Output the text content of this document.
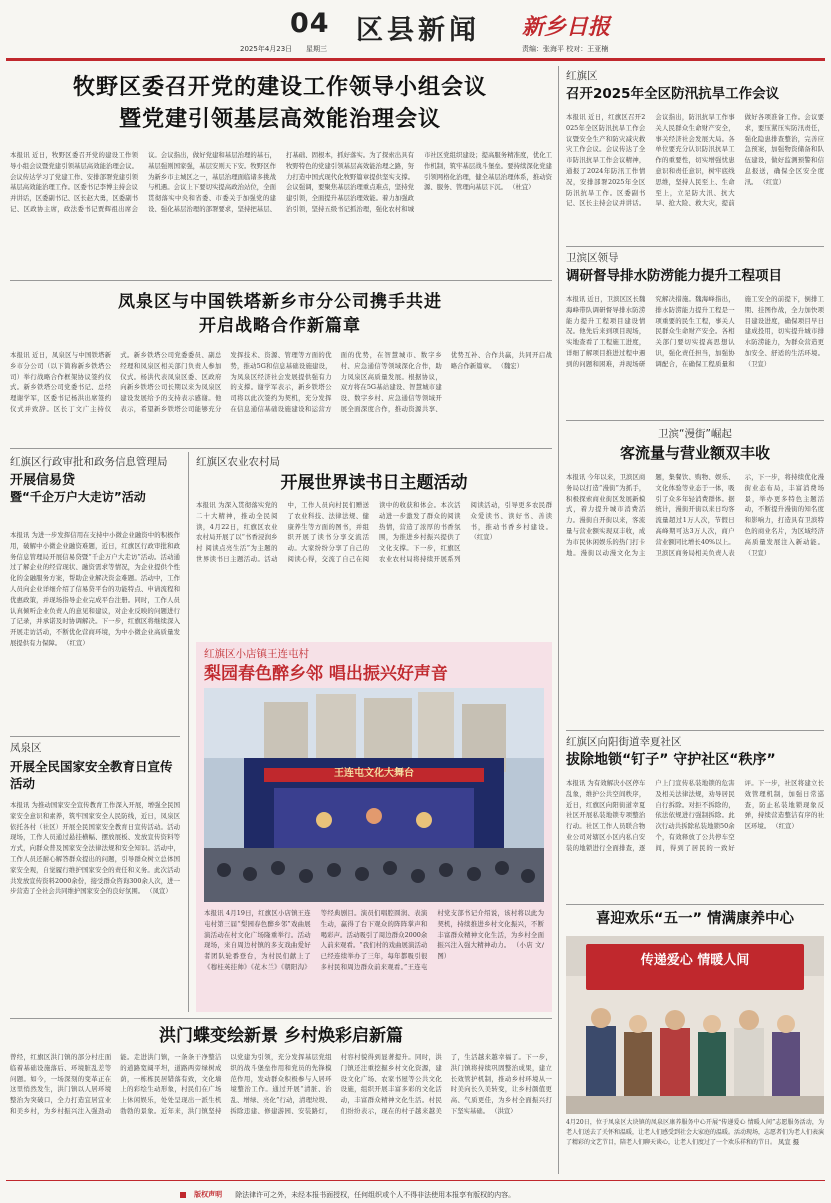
04
2025年4月23日 星期三
区县新闻 新乡日报
责编：张海平 校对：王亚楠
牧野区委召开党的建设工作领导小组会议
暨党建引领基层高效能治理会议
本报讯 近日，牧野区委召开党的建设工作领导小组会议暨党建引领基层高效能治理会议。会议传达学习了党建工作、安排部署党建引领基层高效能治理工作。区委书记李博主持会议并讲话，区委副书记、区长赵大勇，区委副书记、区政协主席，政法委书记贾辉祖出席会议。会议指出，做好党建和基层治理的基石，基层强则国家强，基层安则天下安。牧野区作为新乡市主城区之一，基层治理面临诸多挑战与机遇。会议上下要切实提高政治站位，全面贯彻落实中央和省委、市委关于加强党的建设、强化基层治理的部署要求，坚持把基层、打基础、固根本，抓好落实。为了探索出具有牧野特色的党建引领基层高效能治理之路，努力打造中国式现代化牧野篇章提供坚实支撑。会议强调，要聚焦基层治理重点难点，坚持党建引领，全面提升基层治理效能。着力加强政治引领，坚持五级书记抓治理，强化农村和城市社区党组织建设；提高服务精准度，优化工作机制，筑牢基层战斗堡垒。要持续深化党建引领网格化治理，健全基层治理体系，推动资源、服务、管理向基层下沉。 （杜宜）
凤泉区与中国铁塔新乡市分公司携手共进
开启战略合作新篇章
本报讯 近日，凤泉区与中国铁塔新乡市分公司（以下简称新乡铁塔公司）举行战略合作框架协议签约仪式。新乡铁塔公司党委书记、总经理谢学军，区委书记杨洪出席签约仪式并致辞。区长丁文广主持仪式。新乡铁塔公司党委委员、副总经理和凤泉区相关部门负责人参加仪式。杨洪代表凤泉区委、区政府向新乡铁塔公司长期以来为凤泉区建设发展给予的支持表示感谢。他表示，希望新乡铁塔公司能够充分发挥技术、资源、管理等方面的优势，推动5G和信息基础设施建设，为凤泉区经济社会发展提供强有力的支撑。谢学军表示，新乡铁塔公司将以此次签约为契机，充分发挥在信息通信基础设施建设和运营方面的优势，在智慧城市、数字乡村、应急通信等领域深化合作，助力凤泉区高质量发展。根据协议，双方将在5G基站建设、智慧城市建设、数字乡村、应急通信等领域开展全面深度合作，推动资源共享、优势互补、合作共赢，共同开启战略合作新篇章。 （魏宏）
红旗区行政审批和政务信息管理局
开展信易贷
暨“千企万户大走访”活动
本报讯 为进一步发挥信用在支持中小微企业融资中的积极作用，破解中小微企业融资难题，近日，红旗区行政审批和政务信息管理局开展信易贷暨“千企万户大走访”活动。活动通过了解企业的经营现状、融资需求等情况，为企业提供个性化的金融服务方案，帮助企业解决资金难题。活动中，工作人员向企业详细介绍了信易贷平台的功能特点、申请流程和优惠政策，并现场指导企业完成平台注册。同时，工作人员认真倾听企业负责人的意见和建议，对企业反映的问题进行了记录，并承诺及时协调解决。下一步，红旗区将继续深入开展走访活动，不断优化营商环境，为中小微企业高质量发展提供有力保障。 （红宣）
凤泉区
开展全民国家安全教育日宣传活动
本报讯 为推动国家安全宣传教育工作深入开展，增强全民国家安全意识和素养，筑牢国家安全人民防线，近日，凤泉区依托各村（社区）开展全民国家安全教育日宣传活动。活动现场，工作人员通过悬挂横幅、摆放展板、发放宣传资料等方式，向群众普及国家安全法律法规和安全知识。活动中，工作人员还耐心解答群众提出的问题，引导群众树立总体国家安全观，自觉履行维护国家安全的责任和义务。此次活动共发放宣传资料2000余份，接受群众咨询300余人次，进一步营造了全社会共同维护国家安全的良好氛围。 （凤宣）
红旗区农业农村局
开展世界读书日主题活动
本报讯 为深入贯彻落实党的二十大精神，推动全民阅读，4月22日，红旗区农业农村局开展了以“书香浸润乡村 阅读点亮生活”为主题的世界读书日主题活动。活动中，工作人员向村民们赠送了农业科技、法律法规、健康养生等方面的图书，并组织开展了读书分享交流活动。大家纷纷分享了自己的阅读心得，交流了自己在阅读中的收获和体会。本次活动进一步激发了群众的阅读热情，营造了浓厚的书香氛围，为推进乡村振兴提供了文化支撑。下一步，红旗区农业农村局将持续开展系列阅读活动，引导更多农民群众爱读书、读好书、善读书，推动书香乡村建设。 （红宣）
红旗区小店镇王连屯村
梨园春色醉乡邻 唱出振兴好声音
王连屯文化大舞台
本报讯 4月19日，红旗区小店镇王连屯村第三届“梨园春色醉乡邻”戏曲展演活动在村文化广场隆重举行。活动现场，来自周边村镇的多支戏曲爱好者团队轮番登台，为村民们献上了《穆桂英挂帅》《花木兰》《朝阳沟》等经典剧目。演员们唱腔圆润、表演生动，赢得了台下观众的阵阵掌声和喝彩声。活动吸引了周边群众2000余人前来观看。“我们村的戏曲展演活动已经连续举办了三年，每年都吸引很多村民和周边群众前来观看。”王连屯村党支部书记介绍说，该村将以此为契机，持续推进乡村文化振兴，不断丰富群众精神文化生活，为乡村全面振兴注入强大精神动力。 （小店 文/图）
洪门蝶变绘新景 乡村焕彩启新篇
曾经，红旗区洪门镇的部分村庄面临着基础设施落后、环境脏乱差等问题。如今，一场深刻的变革正在这里悄然发生，洪门镇以人居环境整治为突破口，全力打造宜居宜业和美乡村，为乡村振兴注入强劲动能。走进洪门镇，一条条干净整洁的道路宽阔平坦，道路两旁绿树成荫，一栋栋民居错落有致，文化墙上的彩绘生动形象，村民们在广场上休闲娱乐，处处呈现出一派生机勃勃的景象。近年来，洪门镇坚持以党建为引领，充分发挥基层党组织的战斗堡垒作用和党员的先锋模范作用，发动群众积极参与人居环境整治工作。通过开展“清脏、治乱、增绿、亮化”行动，清理垃圾、拆除违建、修建游园、安装路灯，村容村貌得到显著提升。同时，洪门镇还注重挖掘乡村文化资源，建设文化广场、农家书屋等公共文化设施，组织开展丰富多彩的文化活动，丰富群众精神文化生活。村民们纷纷表示，现在的村子越来越美了，生活越来越幸福了。下一步，洪门镇将持续巩固整治成果，建立长效管护机制，推动乡村环境从一时美向长久美转变，让乡村颜值更高、气质更佳，为乡村全面振兴打下坚实基础。 （洪宣）
红旗区
召开2025年全区防汛抗旱工作会议
本报讯 近日，红旗区召开2025年全区防汛抗旱工作会议暨安全生产和防灾减灾救灾工作会议。会议传达了全市防汛抗旱工作会议精神，通报了2024年防汛工作情况，安排部署2025年全区防汛抗旱工作。区委副书记、区长主持会议并讲话。会议指出，防汛抗旱工作事关人民群众生命财产安全，事关经济社会发展大局。各单位要充分认识防汛抗旱工作的重要性，切实增强忧患意识和责任意识，树牢底线思维，坚持人民至上、生命至上，立足防大汛、抗大旱、抢大险、救大灾，提前做好各项准备工作。会议要求，要压紧压实防汛责任，强化隐患排查整治，完善应急预案，加强物资储备和队伍建设，做好监测预警和信息报送，确保全区安全度汛。 （红宣）
卫滨区领导
调研督导排水防涝能力提升工程项目
本报讯 近日，卫滨区区长魏海峰带队调研督导排水防涝能力提升工程项目建设情况。他先后来到项目现场，实地查看了工程施工进度，详细了解项目推进过程中遇到的问题和困难，并现场研究解决措施。魏海峰指出，排水防涝能力提升工程是一项重要的民生工程，事关人民群众生命财产安全。各相关部门要切实提高思想认识，强化责任担当，加强协调配合，在确保工程质量和施工安全的前提下，倒排工期、挂图作战，全力加快项目建设进度，确保项目早日建成投用，切实提升城市排水防涝能力，为群众营造更加安全、舒适的生活环境。 （卫宣）
卫滨“漫街”崛起
客流量与营业额双丰收
本报讯 今年以来，卫滨区商务局以打造“漫街”为抓手，积极探索商业街区发展新模式，着力提升城市消费活力。漫街自开街以来，客流量与营业额实现双丰收，成为市民休闲娱乐的热门打卡地。漫街以动漫文化为主题，集餐饮、购物、娱乐、文化体验等业态于一体，吸引了众多年轻消费群体。据统计，漫街开街以来日均客流量超过1万人次，节假日高峰期可达3万人次，商户营业额同比增长40%以上。卫滨区商务局相关负责人表示，下一步，将持续优化漫街业态布局，丰富消费场景，举办更多特色主题活动，不断提升漫街的知名度和影响力，打造具有卫滨特色的商业名片，为区域经济高质量发展注入新动能。 （卫宣）
红旗区向阳街道幸夏社区
拔除地锁“钉子” 守护社区“秩序”
本报讯 为有效解决小区停车乱象，维护公共空间秩序，近日，红旗区向阳街道幸夏社区开展私装地锁专项整治行动。社区工作人员联合物业公司对辖区小区内私自安装的地锁进行全面排查，逐户上门宣传私装地锁的危害及相关法律法规，劝导居民自行拆除。对拒不拆除的，依法依规进行强制拆除。此次行动共拆除私装地锁50余个，有效释放了公共停车空间，得到了居民的一致好评。下一步，社区将建立长效管理机制，加强日常巡查，防止私装地锁现象反弹，持续营造整洁有序的社区环境。 （红宣）
喜迎欢乐“五一” 情满康养中心
传递爱心 情暖人间
4月20日，位于凤泉区大块镇的凤泉区康养服务中心开展“传递爱心 情暖人间”志愿服务活动，为老人们送去了关怀和温暖，让老人们感受到社会大家庭的温暖。活动现场，志愿者们为老人们表演了精彩的文艺节目，陪老人们聊天谈心，让老人们度过了一个欢乐祥和的节日。 凤宣 摄
版权声明 除法律许可之外，未经本报书面授权，任何组织或个人不得非法使用本报享有版权的内容。
